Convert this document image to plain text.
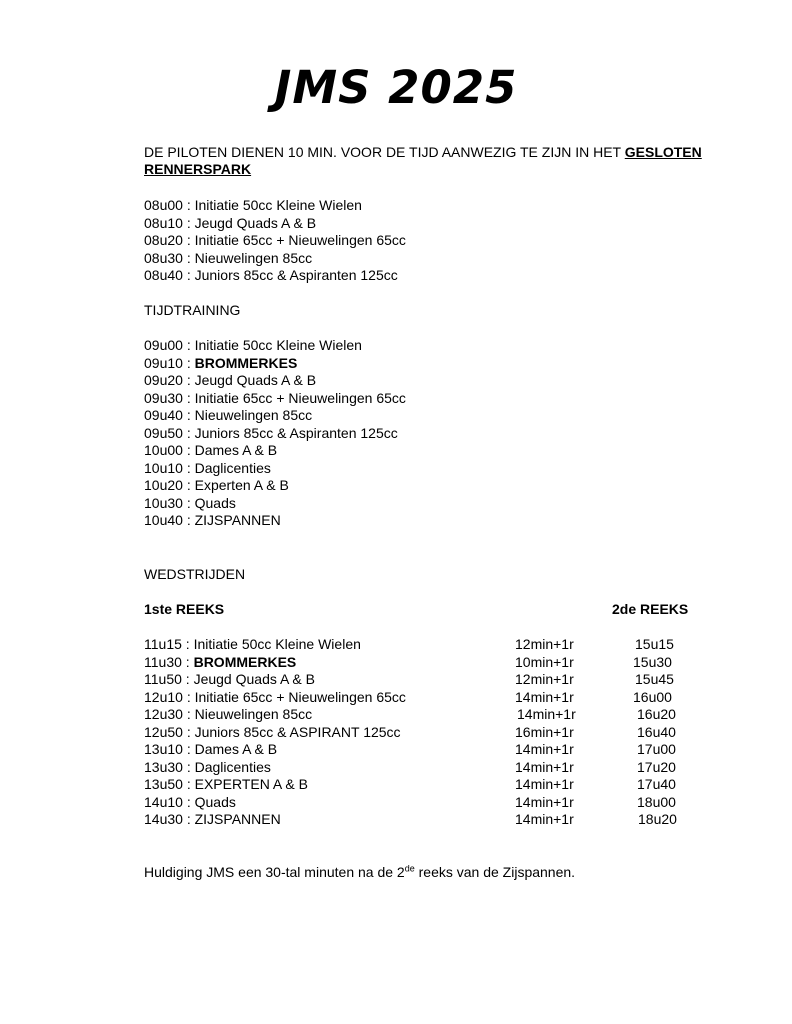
JMS 2025
DE PILOTEN DIENEN 10 MIN. VOOR DE TIJD AANWEZIG TE ZIJN IN HET GESLOTEN
RENNERSPARK
08u00 : Initiatie 50cc Kleine Wielen
08u10 : Jeugd Quads A & B
08u20 : Initiatie 65cc + Nieuwelingen 65cc
08u30 : Nieuwelingen 85cc
08u40 : Juniors 85cc & Aspiranten 125cc
TIJDTRAINING
09u00 : Initiatie 50cc Kleine Wielen
09u10 : BROMMERKES
09u20 : Jeugd Quads A & B
09u30 : Initiatie 65cc + Nieuwelingen 65cc
09u40 : Nieuwelingen 85cc
09u50 : Juniors 85cc & Aspiranten 125cc
10u00 : Dames A & B
10u10 : Daglicenties
10u20 : Experten A & B
10u30 : Quads
10u40 : ZIJSPANNEN
WEDSTRIJDEN
1ste REEKS	2de REEKS
11u15 : Initiatie 50cc Kleine Wielen	12min+1r	15u15
11u30 : BROMMERKES	10min+1r	15u30
11u50 : Jeugd Quads A & B	12min+1r	15u45
12u10 : Initiatie 65cc + Nieuwelingen 65cc	14min+1r	16u00
12u30 : Nieuwelingen 85cc	14min+1r	16u20
12u50 : Juniors 85cc & ASPIRANT 125cc	16min+1r	16u40
13u10 : Dames A & B	14min+1r	17u00
13u30 : Daglicenties	14min+1r	17u20
13u50 : EXPERTEN A & B	14min+1r	17u40
14u10 : Quads	14min+1r	18u00
14u30 : ZIJSPANNEN	14min+1r	18u20
Huldiging JMS een 30-tal minuten na de 2de reeks van de Zijspannen.
